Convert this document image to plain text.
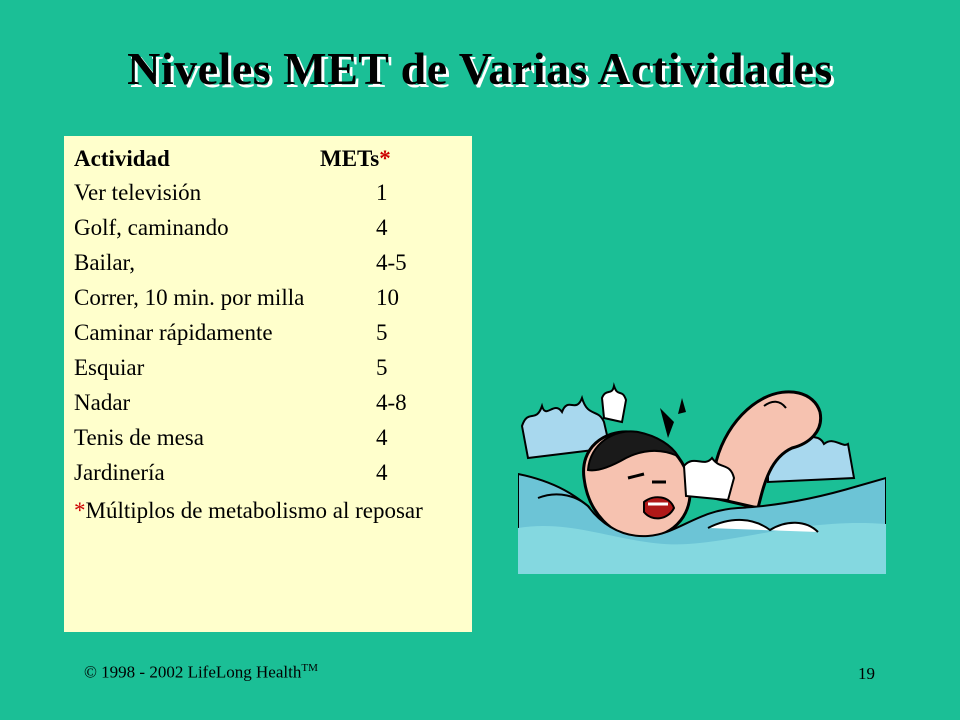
Niveles MET de Varias Actividades
Actividad	METs*
Ver televisión	1
Golf, caminando	4
Bailar,	4-5
Correr, 10 min. por milla	10
Caminar rápidamente	5
Esquiar	5
Nadar	4-8
Tenis de mesa	4
Jardinería	4
*Múltiplos de metabolismo al reposar
© 1998 - 2002 LifeLong Health™	19
